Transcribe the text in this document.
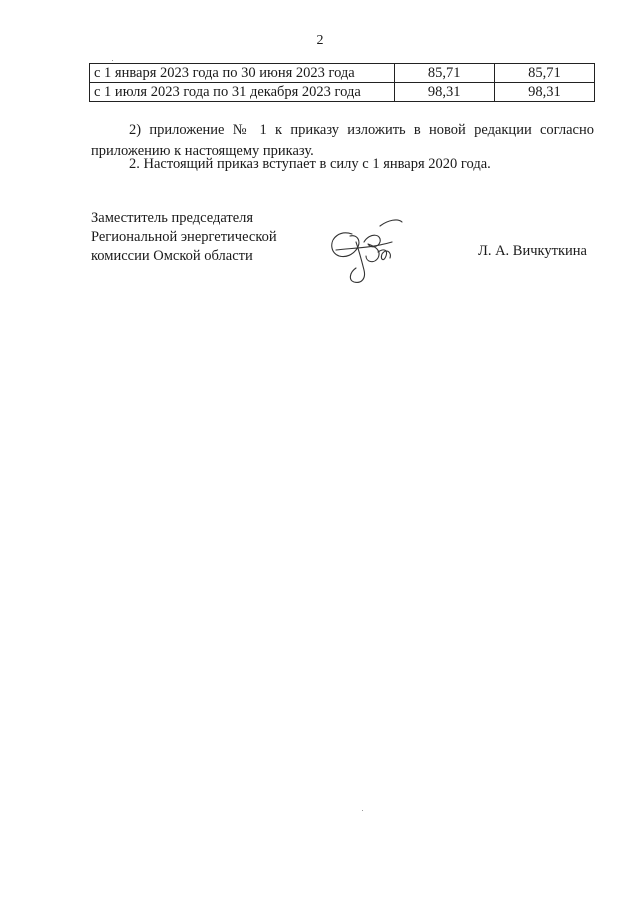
2
с 1 января 2023 года по 30 июня 2023 года	85,71	85,71
с 1 июля 2023 года по 31 декабря 2023 года	98,31	98,31
2) приложение № 1 к приказу изложить в новой редакции согласно приложению к настоящему приказу.
2. Настоящий приказ вступает в силу с 1 января 2020 года.
Заместитель председателя
Региональной энергетической
комиссии Омской области	Л. А. Вичкуткина
